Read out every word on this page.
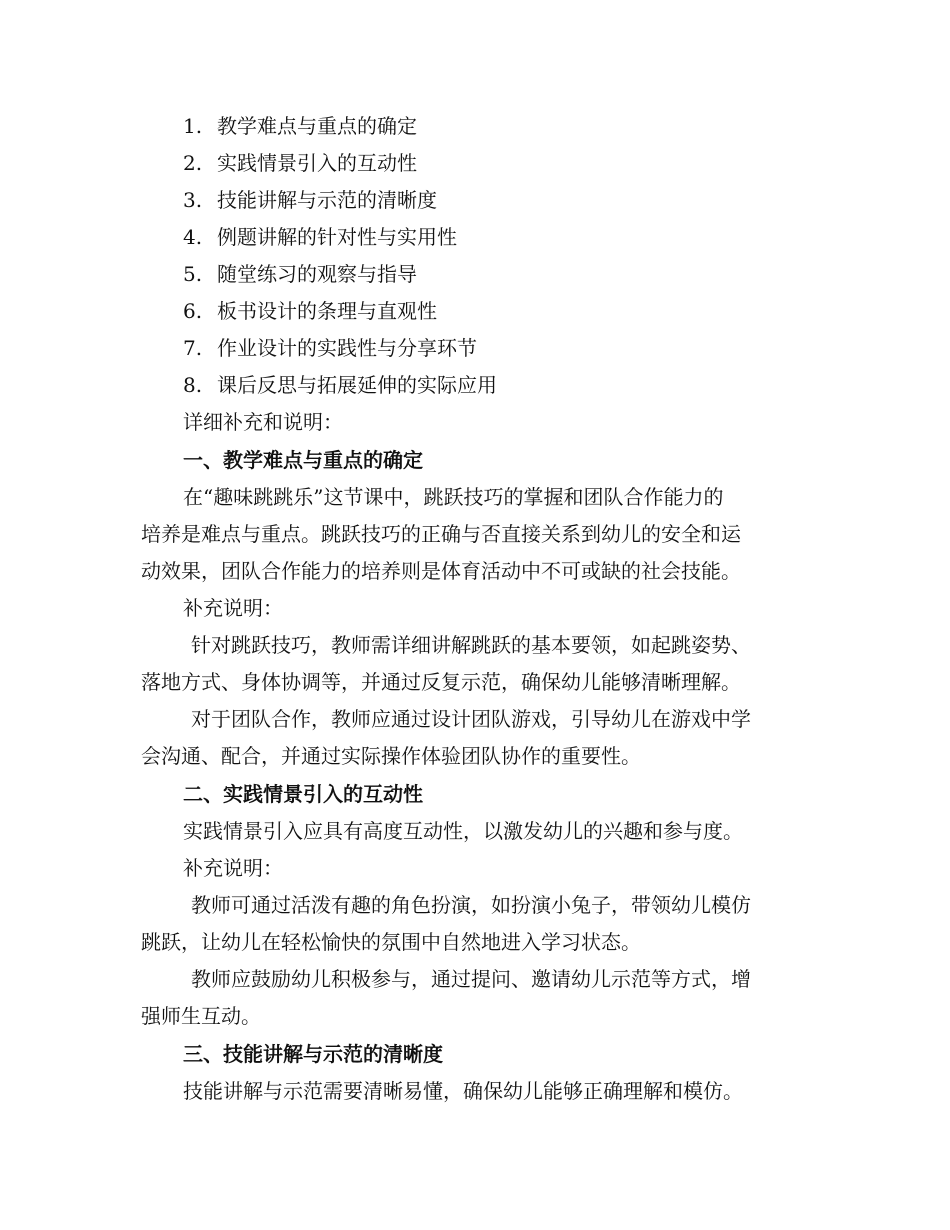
1. 教学难点与重点的确定
2. 实践情景引入的互动性
3. 技能讲解与示范的清晰度
4. 例题讲解的针对性与实用性
5. 随堂练习的观察与指导
6. 板书设计的条理与直观性
7. 作业设计的实践性与分享环节
8. 课后反思与拓展延伸的实际应用
详细补充和说明：
一、教学难点与重点的确定
在“趣味跳跳乐”这节课中，跳跃技巧的掌握和团队合作能力的
培养是难点与重点。跳跃技巧的正确与否直接关系到幼儿的安全和运
动效果，团队合作能力的培养则是体育活动中不可或缺的社会技能。
补充说明：
针对跳跃技巧，教师需详细讲解跳跃的基本要领，如起跳姿势、
落地方式、身体协调等，并通过反复示范，确保幼儿能够清晰理解。
对于团队合作，教师应通过设计团队游戏，引导幼儿在游戏中学
会沟通、配合，并通过实际操作体验团队协作的重要性。
二、实践情景引入的互动性
实践情景引入应具有高度互动性，以激发幼儿的兴趣和参与度。
补充说明：
教师可通过活泼有趣的角色扮演，如扮演小兔子，带领幼儿模仿
跳跃，让幼儿在轻松愉快的氛围中自然地进入学习状态。
教师应鼓励幼儿积极参与，通过提问、邀请幼儿示范等方式，增
强师生互动。
三、技能讲解与示范的清晰度
技能讲解与示范需要清晰易懂，确保幼儿能够正确理解和模仿。
